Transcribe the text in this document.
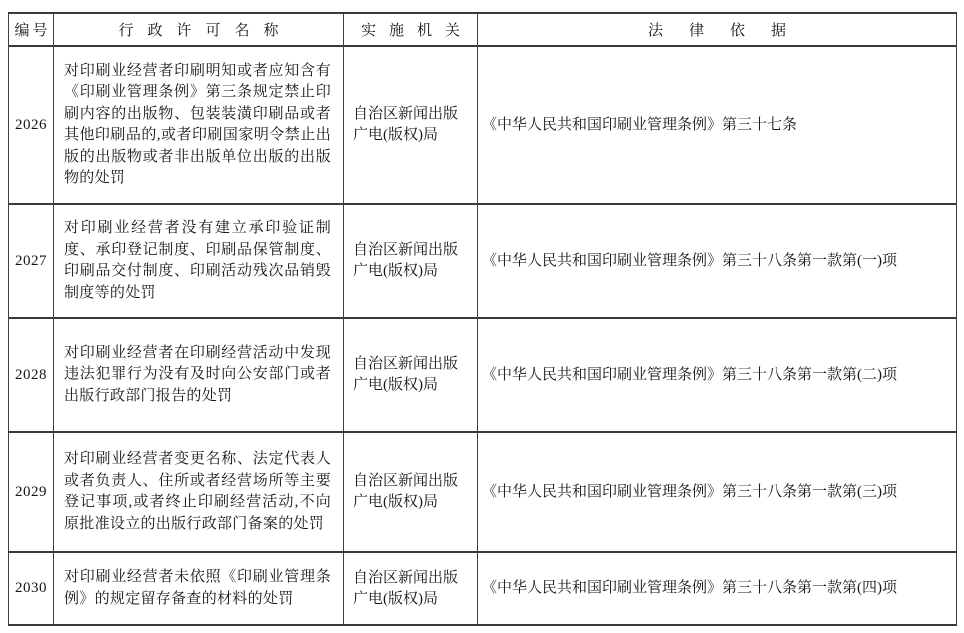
编号	行政许可名称	实施机关	法律依据
2026	对印刷业经营者印刷明知或者应知含有《印刷业管理条例》第三条规定禁止印刷内容的出版物、包装装潢印刷品或者其他印刷品的,或者印刷国家明令禁止出版的出版物或者非出版单位出版的出版物的处罚	自治区新闻出版广电(版权)局	《中华人民共和国印刷业管理条例》第三十七条
2027	对印刷业经营者没有建立承印验证制度、承印登记制度、印刷品保管制度、印刷品交付制度、印刷活动残次品销毁制度等的处罚	自治区新闻出版广电(版权)局	《中华人民共和国印刷业管理条例》第三十八条第一款第(一)项
2028	对印刷业经营者在印刷经营活动中发现违法犯罪行为没有及时向公安部门或者出版行政部门报告的处罚	自治区新闻出版广电(版权)局	《中华人民共和国印刷业管理条例》第三十八条第一款第(二)项
2029	对印刷业经营者变更名称、法定代表人或者负责人、住所或者经营场所等主要登记事项,或者终止印刷经营活动,不向原批准设立的出版行政部门备案的处罚	自治区新闻出版广电(版权)局	《中华人民共和国印刷业管理条例》第三十八条第一款第(三)项
2030	对印刷业经营者未依照《印刷业管理条例》的规定留存备查的材料的处罚	自治区新闻出版广电(版权)局	《中华人民共和国印刷业管理条例》第三十八条第一款第(四)项
